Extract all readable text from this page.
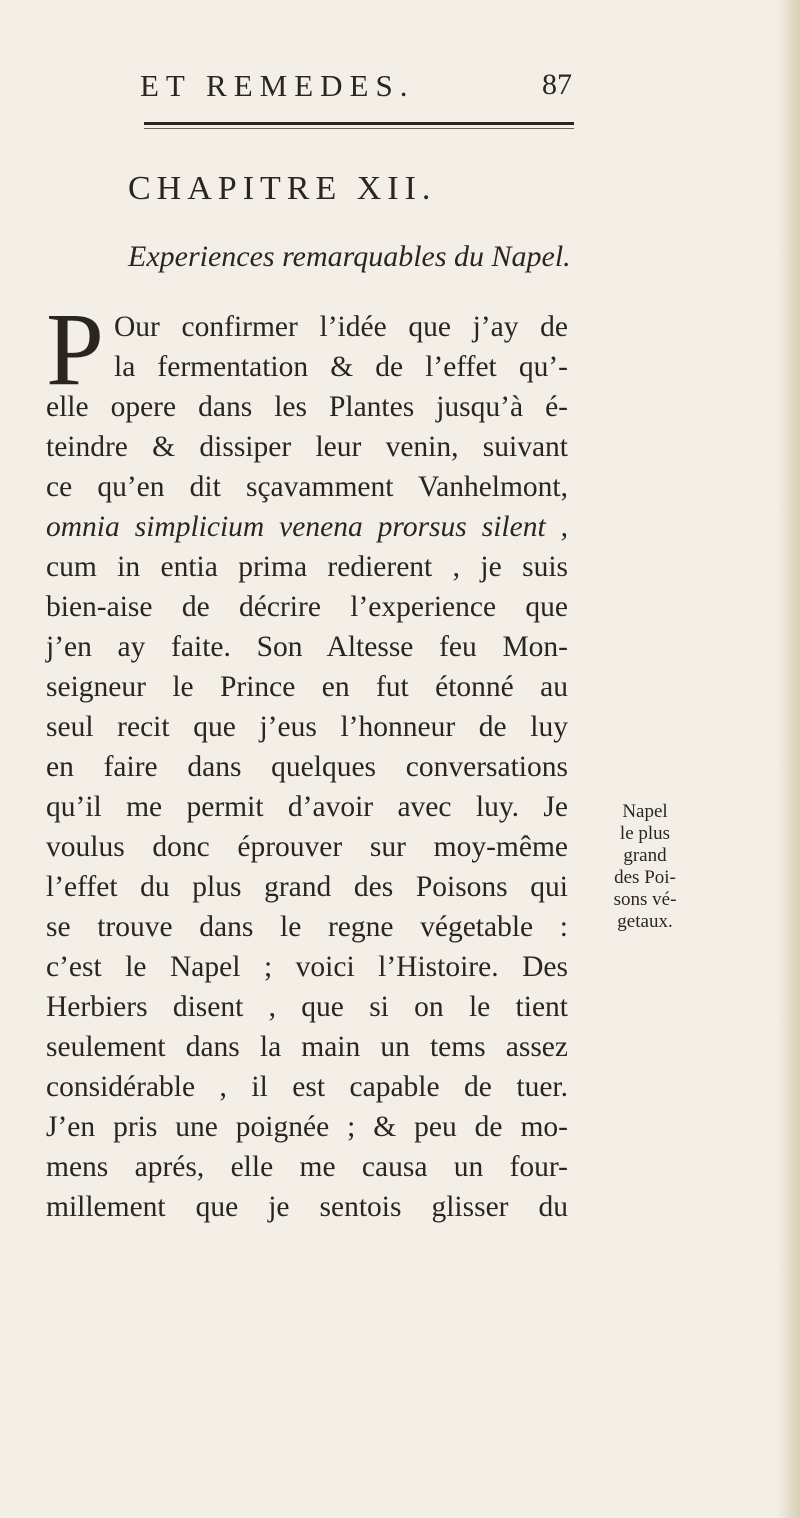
ET REMEDES.	87
CHAPITRE XII.
Experiences remarquables du Napel.
P Our confirmer l’idée que j’ay de
la fermentation & de l’effet qu’-
elle opere dans les Plantes jusqu’à é-
teindre & dissiper leur venin, suivant
ce qu’en dit sçavamment Vanhelmont,
omnia simplicium venena prorsus silent ,
cum in entia prima redierent , je suis
bien-aise de décrire l’experience que
j’en ay faite. Son Altesse feu Mon-
seigneur le Prince en fut étonné au
seul recit que j’eus l’honneur de luy
en faire dans quelques conversations
qu’il me permit d’avoir avec luy. Je
voulus donc éprouver sur moy-même
l’effet du plus grand des Poisons qui
se trouve dans le regne végetable :
c’est le Napel ; voici l’Histoire. Des
Herbiers disent , que si on le tient
seulement dans la main un tems assez
considérable , il est capable de tuer.
J’en pris une poignée ; & peu de mo-
mens aprés, elle me causa un four-
millement que je sentois glisser du
Napel
le plus
grand
des Poi-
sons vé-
getaux.
